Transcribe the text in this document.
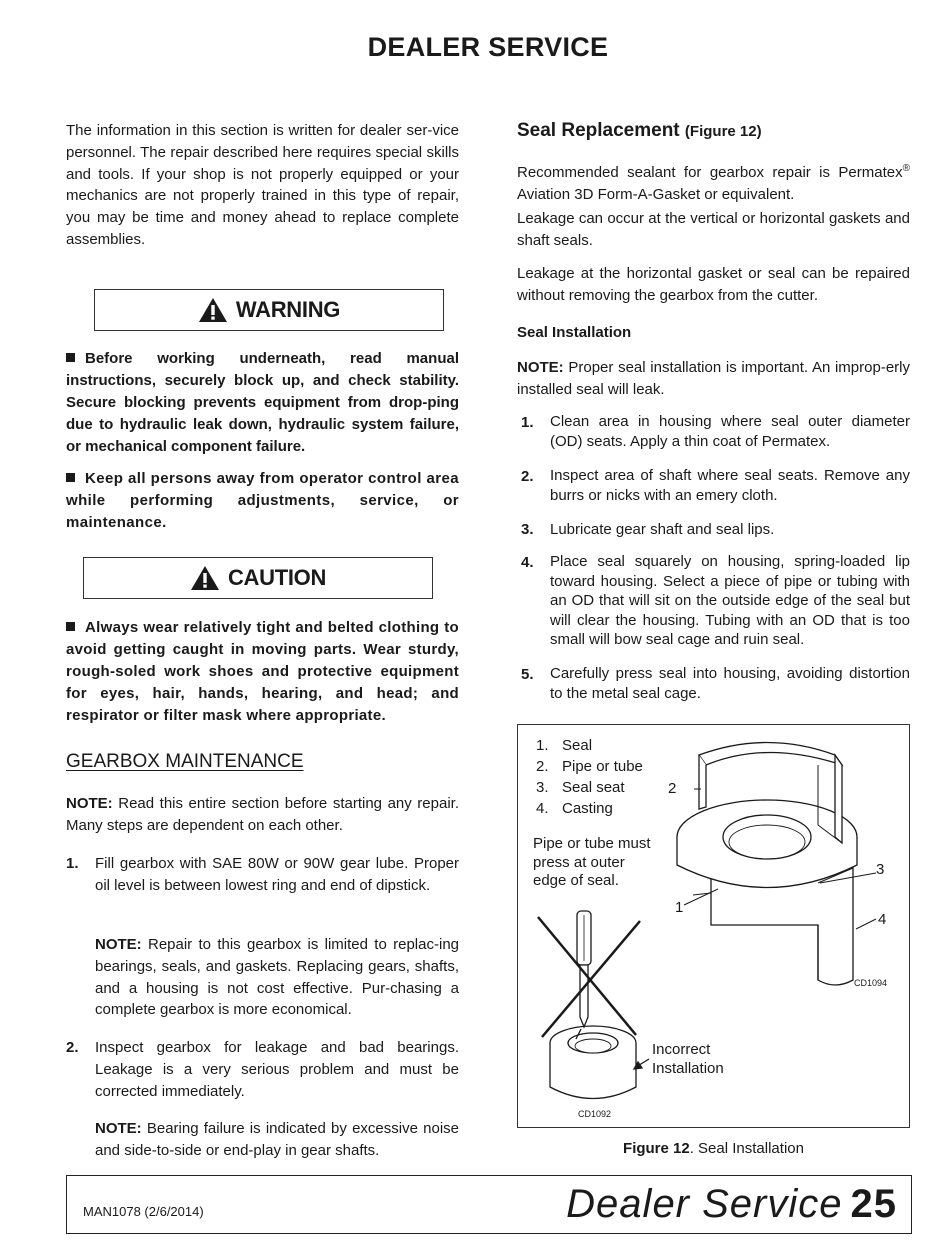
DEALER SERVICE

The information in this section is written for dealer ser-vice personnel. The repair described here requires special skills and tools. If your shop is not properly equipped or your mechanics are not properly trained in this type of repair, you may be time and money ahead to replace complete assemblies.

WARNING

Before working underneath, read manual instructions, securely block up, and check stability. Secure blocking prevents equipment from drop-ping due to hydraulic leak down, hydraulic system failure, or mechanical component failure.

Keep all persons away from operator control area while performing adjustments, service, or maintenance.

CAUTION

Always wear relatively tight and belted clothing to avoid getting caught in moving parts. Wear sturdy, rough-soled work shoes and protective equipment for eyes, hair, hands, hearing, and head; and respirator or filter mask where appropriate.

GEARBOX MAINTENANCE

NOTE: Read this entire section before starting any repair. Many steps are dependent on each other.

1.	Fill gearbox with SAE 80W or 90W gear lube. Proper oil level is between lowest ring and end of dipstick.

NOTE: Repair to this gearbox is limited to replac-ing bearings, seals, and gaskets. Replacing gears, shafts, and a housing is not cost effective. Pur-chasing a complete gearbox is more economical.

2.	Inspect gearbox for leakage and bad bearings. Leakage is a very serious problem and must be corrected immediately.

NOTE: Bearing failure is indicated by excessive noise and side-to-side or end-play in gear shafts.

Seal Replacement (Figure 12)

Recommended sealant for gearbox repair is Permatex® Aviation 3D Form-A-Gasket or equivalent.

Leakage can occur at the vertical or horizontal gaskets and shaft seals.

Leakage at the horizontal gasket or seal can be repaired without removing the gearbox from the cutter.

Seal Installation

NOTE: Proper seal installation is important. An improp-erly installed seal will leak.

1.	Clean area in housing where seal outer diameter (OD) seats. Apply a thin coat of Permatex.
2.	Inspect area of shaft where seal seats. Remove any burrs or nicks with an emery cloth.
3.	Lubricate gear shaft and seal lips.
4.	Place seal squarely on housing, spring-loaded lip toward housing. Select a piece of pipe or tubing with an OD that will sit on the outside edge of the seal but will clear the housing. Tubing with an OD that is too small will bow seal cage and ruin seal.
5.	Carefully press seal into housing, avoiding distortion to the metal seal cage.
1. Seal
2. Pipe or tube
3. Seal seat
4. Casting
Pipe or tube must
press at outer
edge of seal.
2
1
3
4
CD1094
Incorrect
Installation
CD1092
Figure 12. Seal Installation
MAN1078 (2/6/2014)	Dealer Service 25
